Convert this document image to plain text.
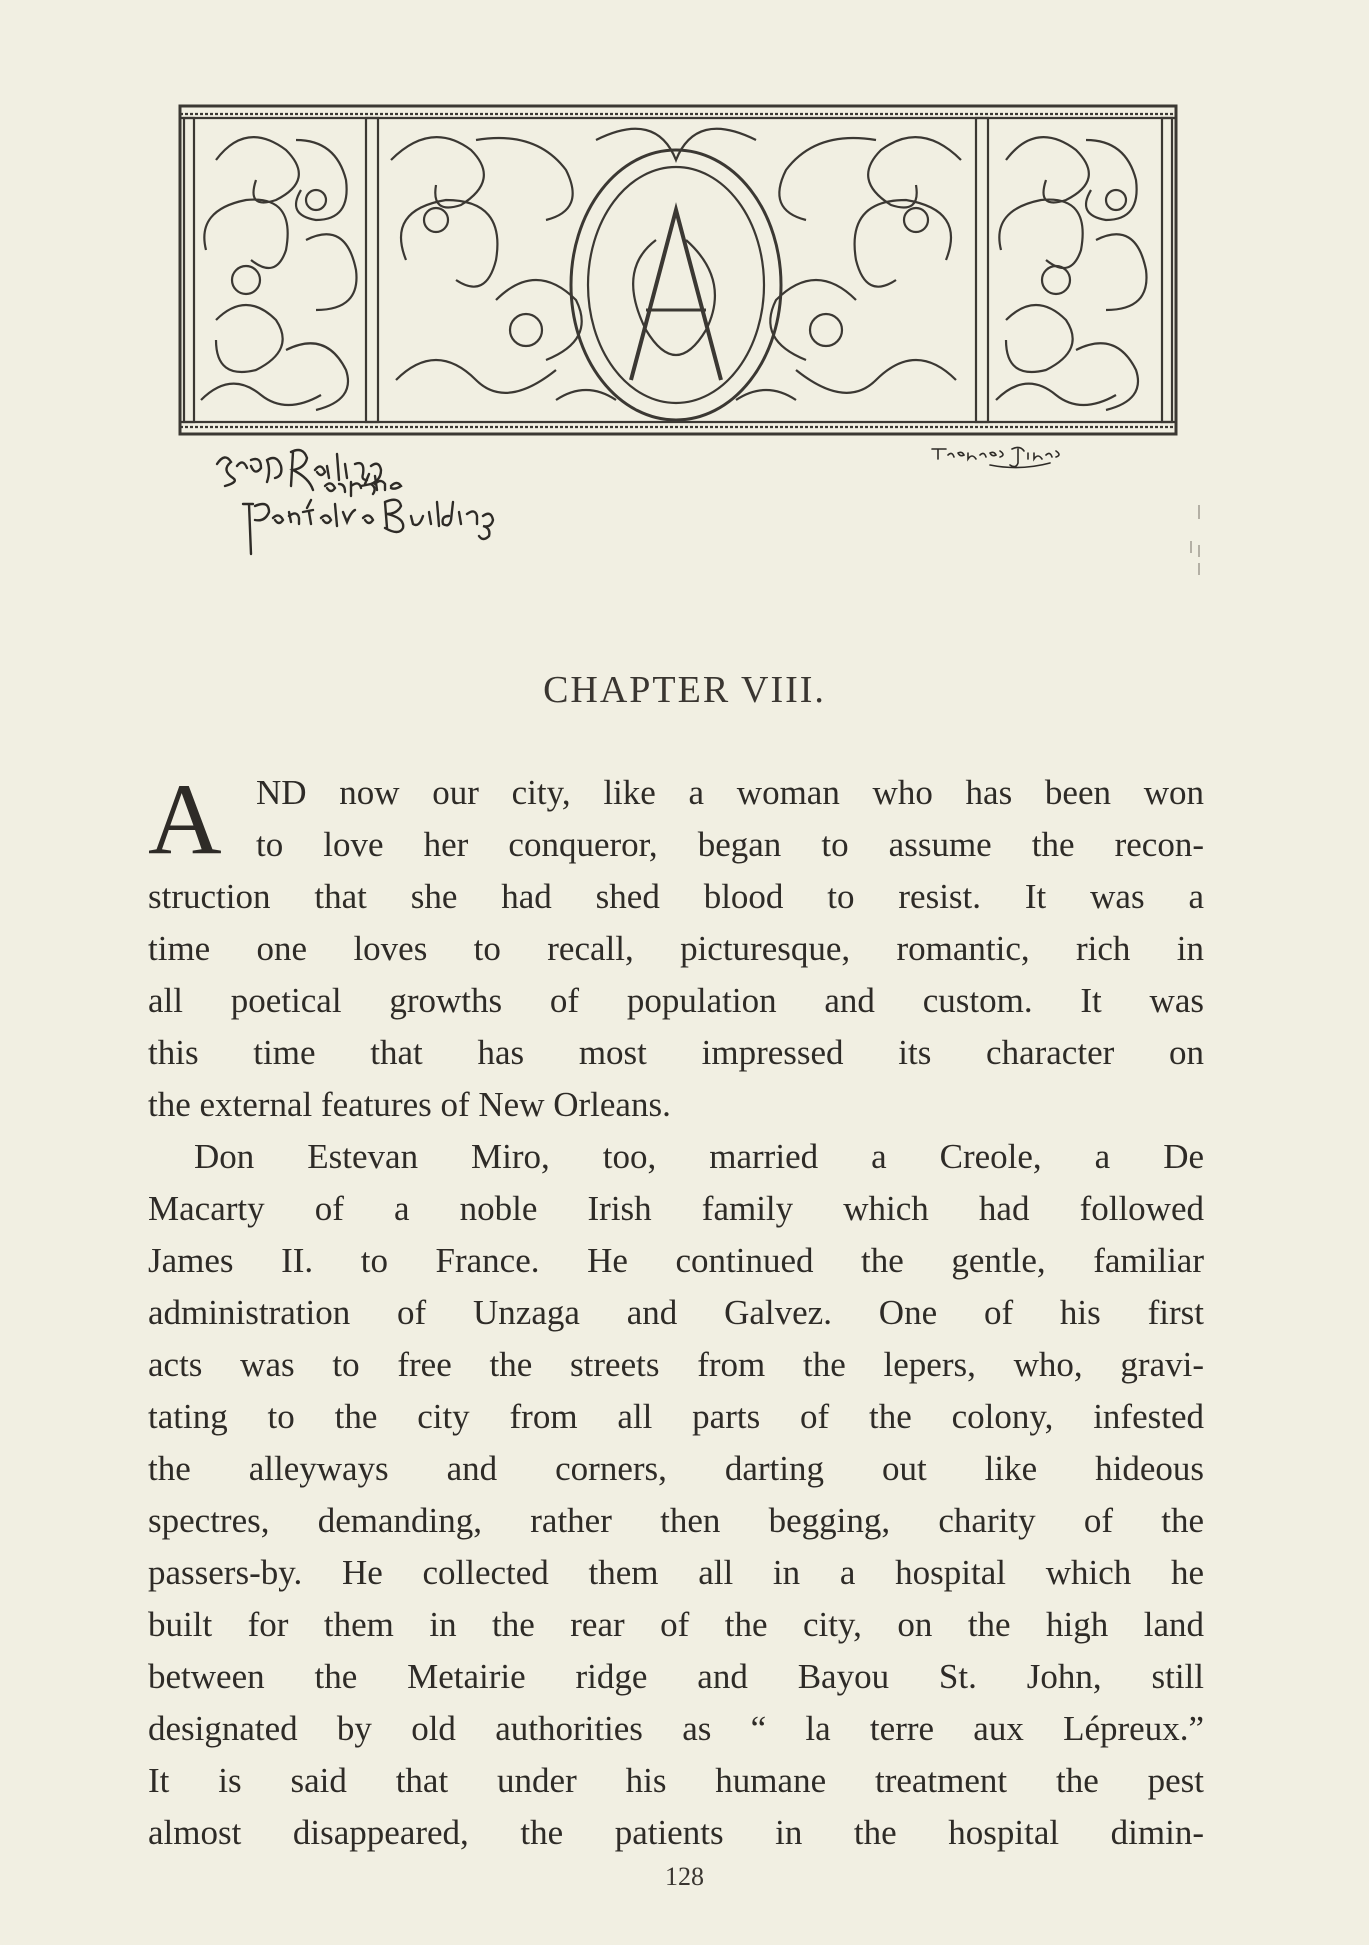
CHAPTER VIII.
A ND now our city, like a woman who has been won
to love her conqueror, began to assume the recon-
struction that she had shed blood to resist. It was a
time one loves to recall, picturesque, romantic, rich in
all poetical growths of population and custom. It was
this time that has most impressed its character on
the external features of New Orleans.
Don Estevan Miro, too, married a Creole, a De
Macarty of a noble Irish family which had followed
James II. to France. He continued the gentle, familiar
administration of Unzaga and Galvez. One of his first
acts was to free the streets from the lepers, who, gravi-
tating to the city from all parts of the colony, infested
the alleyways and corners, darting out like hideous
spectres, demanding, rather then begging, charity of the
passers-by. He collected them all in a hospital which he
built for them in the rear of the city, on the high land
between the Metairie ridge and Bayou St. John, still
designated by old authorities as “ la terre aux Lépreux.”
It is said that under his humane treatment the pest
almost disappeared, the patients in the hospital dimin-
128
